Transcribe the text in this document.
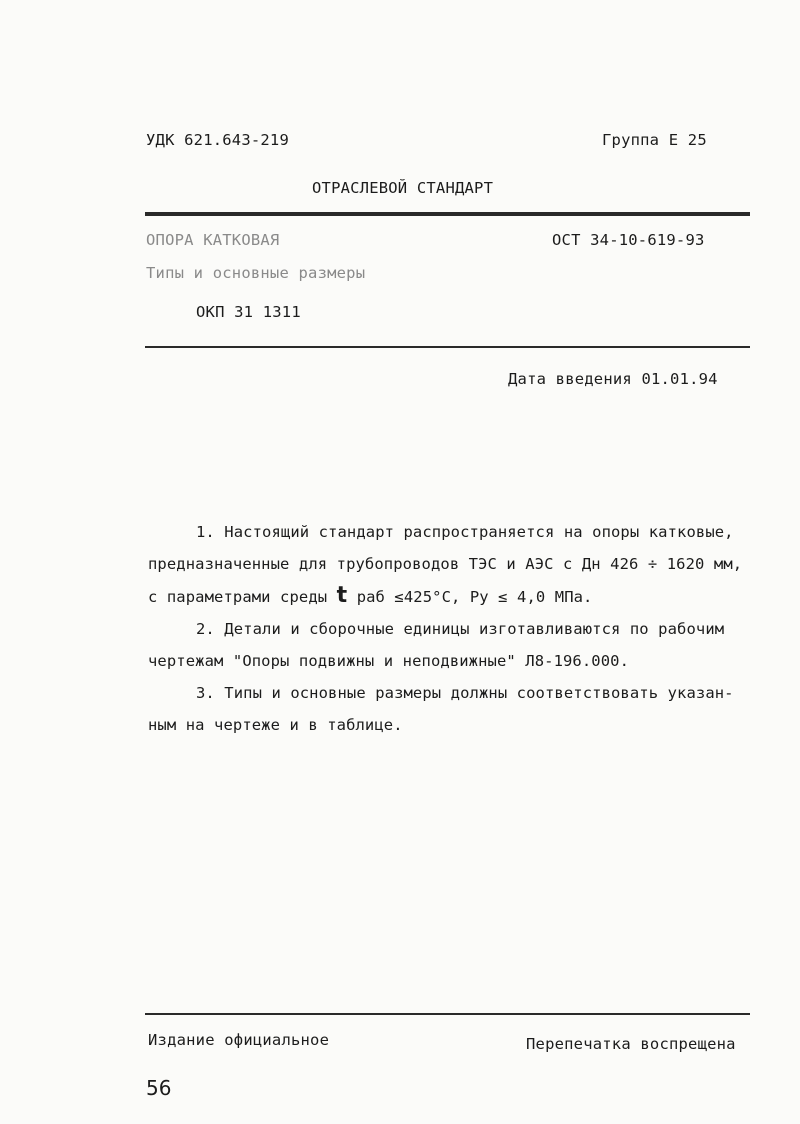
УДК 621.643-219	Группа Е 25
ОТРАСЛЕВОЙ СТАНДАРТ
ОПОРА КАТКОВАЯ	ОСТ 34-10-619-93
Типы и основные размеры
ОКП 31 1311
Дата введения 01.01.94

1. Настоящий стандарт распространяется на опоры катковые,

предназначенные для трубопроводов ТЭС и АЭС с Дн 426 ÷ 1620 мм,

с параметрами среды t раб ≤425°С, Ру ≤ 4,0 МПа.

2. Детали и сборочные единицы изготавливаются по рабочим

чертежам "Опоры подвижны и неподвижные" Л8-196.000.

3. Типы и основные размеры должны соответствовать указан-

ным на чертеже и в таблице.

Издание официальное	Перепечатка воспрещена
56
